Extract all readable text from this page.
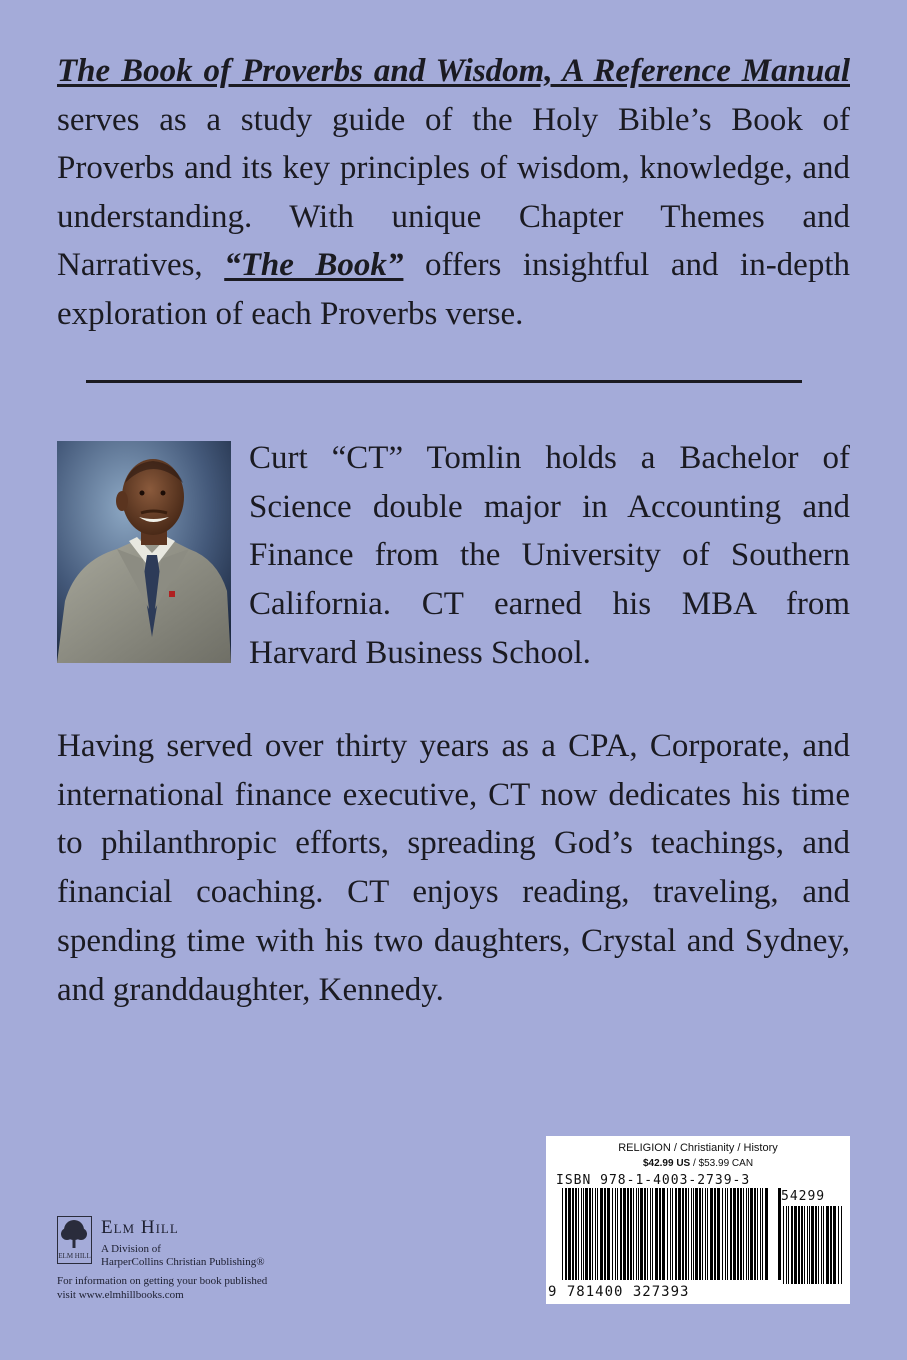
The Book of Proverbs and Wisdom, A Reference Manual serves as a study guide of the Holy Bible’s Book of Proverbs and its key principles of wisdom, knowledge, and understanding. With unique Chapter Themes and Narratives, “The Book” offers insightful and in-depth exploration of each Proverbs verse.

Curt “CT” Tomlin holds a Bachelor of Science double major in Accounting and Finance from the University of Southern California. CT earned his MBA from Harvard Business School.

Having served over thirty years as a CPA, Corporate, and international finance executive, CT now dedicates his time to philanthropic efforts, spreading God’s teachings, and financial coaching. CT enjoys reading, traveling, and spending time with his two daughters, Crystal and Sydney, and granddaughter, Kennedy.

ELM HILL
Elm Hill
A Division of
HarperCollins Christian Publishing®
For information on getting your book published
visit www.elmhillbooks.com
RELIGION / Christianity / History
$42.99 US / $53.99 CAN
ISBN 978-1-4003-2739-3
54299
9 781400 327393
